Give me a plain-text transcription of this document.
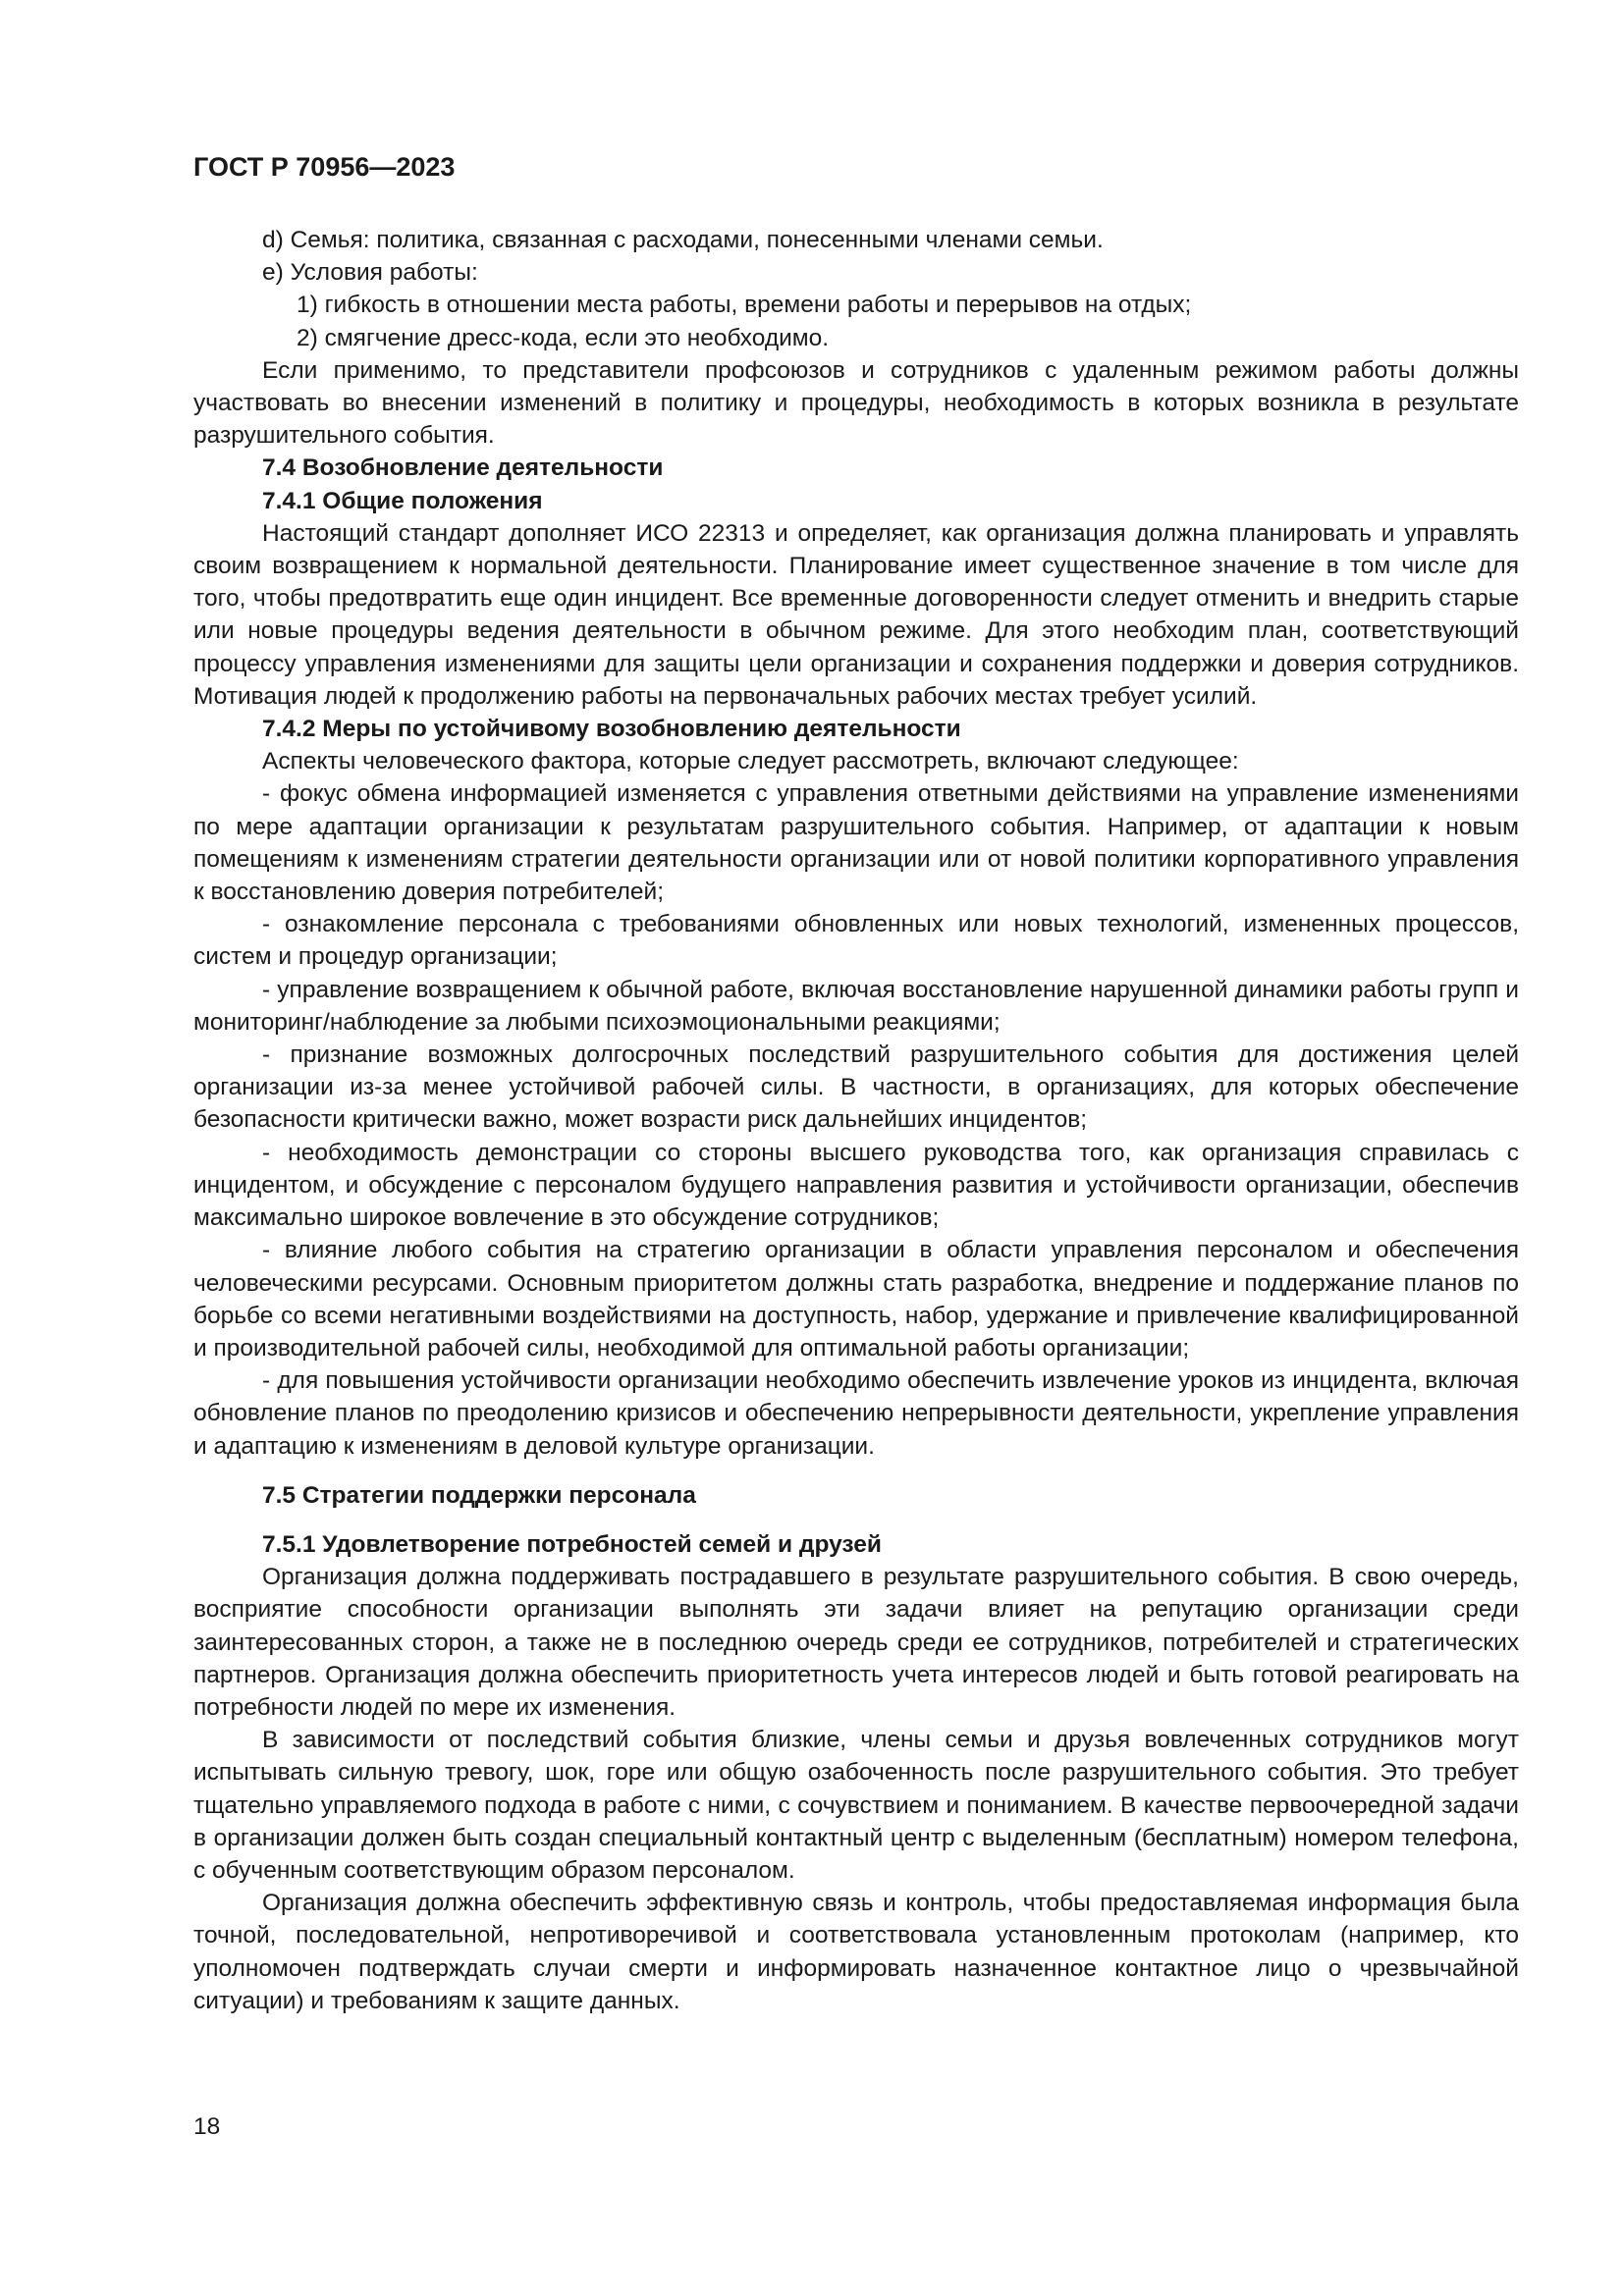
ГОСТ Р 70956—2023

d) Семья: политика, связанная с расходами, понесенными членами семьи.

е) Условия работы:

1) гибкость в отношении места работы, времени работы и перерывов на отдых;

2) смягчение дресс-кода, если это необходимо.

Если применимо, то представители профсоюзов и сотрудников с удаленным режимом работы должны участвовать во внесении изменений в политику и процедуры, необходимость в которых возникла в результате разрушительного события.

7.4 Возобновление деятельности
7.4.1 Общие положения

Настоящий стандарт дополняет ИСО 22313 и определяет, как организация должна планировать и управлять своим возвращением к нормальной деятельности. Планирование имеет существенное значение в том числе для того, чтобы предотвратить еще один инцидент. Все временные договоренности следует отменить и внедрить старые или новые процедуры ведения деятельности в обычном режиме. Для этого необходим план, соответствующий процессу управления изменениями для защиты цели организации и сохранения поддержки и доверия сотрудников. Мотивация людей к продолжению работы на первоначальных рабочих местах требует усилий.

7.4.2 Меры по устойчивому возобновлению деятельности

Аспекты человеческого фактора, которые следует рассмотреть, включают следующее:

- фокус обмена информацией изменяется с управления ответными действиями на управление изменениями по мере адаптации организации к результатам разрушительного события. Например, от адаптации к новым помещениям к изменениям стратегии деятельности организации или от новой политики корпоративного управления к восстановлению доверия потребителей;

- ознакомление персонала с требованиями обновленных или новых технологий, измененных процессов, систем и процедур организации;

- управление возвращением к обычной работе, включая восстановление нарушенной динамики работы групп и мониторинг/наблюдение за любыми психоэмоциональными реакциями;

- признание возможных долгосрочных последствий разрушительного события для достижения целей организации из-за менее устойчивой рабочей силы. В частности, в организациях, для которых обеспечение безопасности критически важно, может возрасти риск дальнейших инцидентов;

- необходимость демонстрации со стороны высшего руководства того, как организация справилась с инцидентом, и обсуждение с персоналом будущего направления развития и устойчивости организации, обеспечив максимально широкое вовлечение в это обсуждение сотрудников;

- влияние любого события на стратегию организации в области управления персоналом и обеспечения человеческими ресурсами. Основным приоритетом должны стать разработка, внедрение и поддержание планов по борьбе со всеми негативными воздействиями на доступность, набор, удержание и привлечение квалифицированной и производительной рабочей силы, необходимой для оптимальной работы организации;

- для повышения устойчивости организации необходимо обеспечить извлечение уроков из инцидента, включая обновление планов по преодолению кризисов и обеспечению непрерывности деятельности, укрепление управления и адаптацию к изменениям в деловой культуре организации.

7.5 Стратегии поддержки персонала
7.5.1 Удовлетворение потребностей семей и друзей

Организация должна поддерживать пострадавшего в результате разрушительного события. В свою очередь, восприятие способности организации выполнять эти задачи влияет на репутацию организации среди заинтересованных сторон, а также не в последнюю очередь среди ее сотрудников, потребителей и стратегических партнеров. Организация должна обеспечить приоритетность учета интересов людей и быть готовой реагировать на потребности людей по мере их изменения.

В зависимости от последствий события близкие, члены семьи и друзья вовлеченных сотрудников могут испытывать сильную тревогу, шок, горе или общую озабоченность после разрушительного события. Это требует тщательно управляемого подхода в работе с ними, с сочувствием и пониманием. В качестве первоочередной задачи в организации должен быть создан специальный контактный центр с выделенным (бесплатным) номером телефона, с обученным соответствующим образом персоналом.

Организация должна обеспечить эффективную связь и контроль, чтобы предоставляемая информация была точной, последовательной, непротиворечивой и соответствовала установленным протоколам (например, кто уполномочен подтверждать случаи смерти и информировать назначенное контактное лицо о чрезвычайной ситуации) и требованиям к защите данных.

18
